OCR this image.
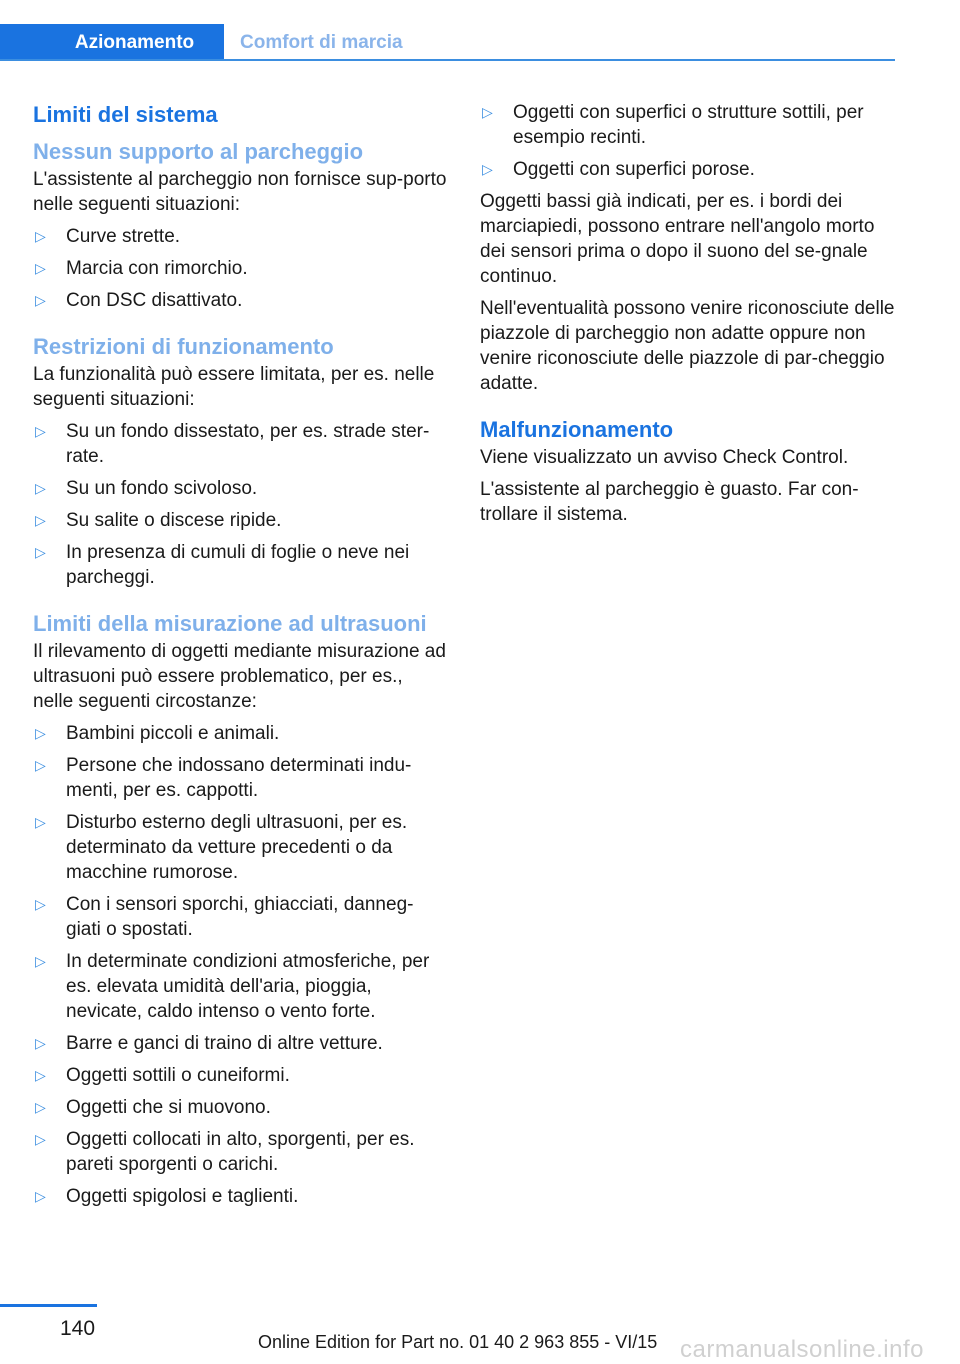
Azionamento	Comfort di marcia
Limiti del sistema
Nessun supporto al parcheggio

L'assistente al parcheggio non fornisce sup‐porto nelle seguenti situazioni:

▷ Curve strette.
▷ Marcia con rimorchio.
▷ Con DSC disattivato.
Restrizioni di funzionamento

La funzionalità può essere limitata, per es. nelle seguenti situazioni:

▷ Su un fondo dissestato, per es. strade ster‐rate.
▷ Su un fondo scivoloso.
▷ Su salite o discese ripide.
▷ In presenza di cumuli di foglie o neve nei parcheggi.
Limiti della misurazione ad ultrasuoni

Il rilevamento di oggetti mediante misurazione ad ultrasuoni può essere problematico, per es., nelle seguenti circostanze:

▷ Bambini piccoli e animali.
▷ Persone che indossano determinati indu‐menti, per es. cappotti.
▷ Disturbo esterno degli ultrasuoni, per es. determinato da vetture precedenti o da macchine rumorose.
▷ Con i sensori sporchi, ghiacciati, danneg‐giati o spostati.
▷ In determinate condizioni atmosferiche, per es. elevata umidità dell'aria, pioggia, nevicate, caldo intenso o vento forte.
▷ Barre e ganci di traino di altre vetture.
▷ Oggetti sottili o cuneiformi.
▷ Oggetti che si muovono.
▷ Oggetti collocati in alto, sporgenti, per es. pareti sporgenti o carichi.
▷ Oggetti spigolosi e taglienti.
▷ Oggetti con superfici o strutture sottili, per esempio recinti.
▷ Oggetti con superfici porose.

Oggetti bassi già indicati, per es. i bordi dei marciapiedi, possono entrare nell'angolo morto dei sensori prima o dopo il suono del se‐gnale continuo.

Nell'eventualità possono venire riconosciute delle piazzole di parcheggio non adatte oppure non venire riconosciute delle piazzole di par‐cheggio adatte.

Malfunzionamento

Viene visualizzato un avviso Check Control.

L'assistente al parcheggio è guasto. Far con‐trollare il sistema.

140
Online Edition for Part no. 01 40 2 963 855 - VI/15 carmanualsonline.info
